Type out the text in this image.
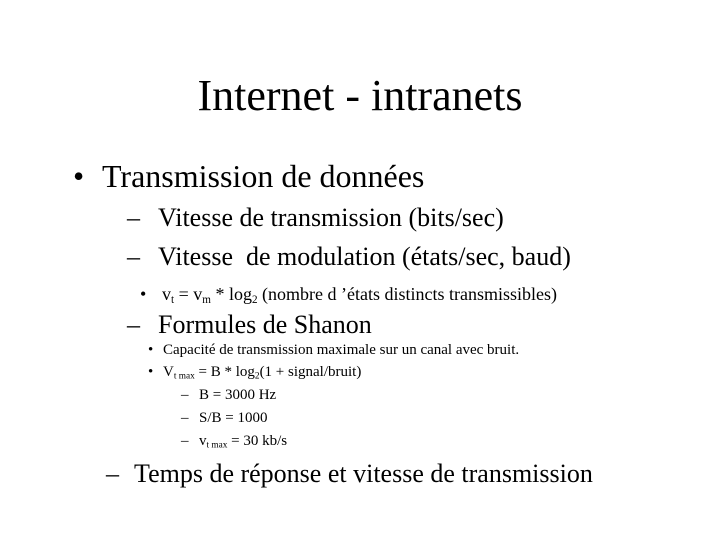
Internet - intranets
• Transmission de données
– Vitesse de transmission (bits/sec)
– Vitesse  de modulation (états/sec, baud)
• $v_t = v_m * \log_2$ (nombre d ’états distincts transmissibles)
– Formules de Shanon
• Capacité de transmission maximale sur un canal avec bruit.
• $V_{t max} = B * \log_2(1$ + signal/bruit)
– B = 3000 Hz
– S/B = 1000
– $v_{t max} = 30$ kb/s
– Temps de réponse et vitesse de transmission
